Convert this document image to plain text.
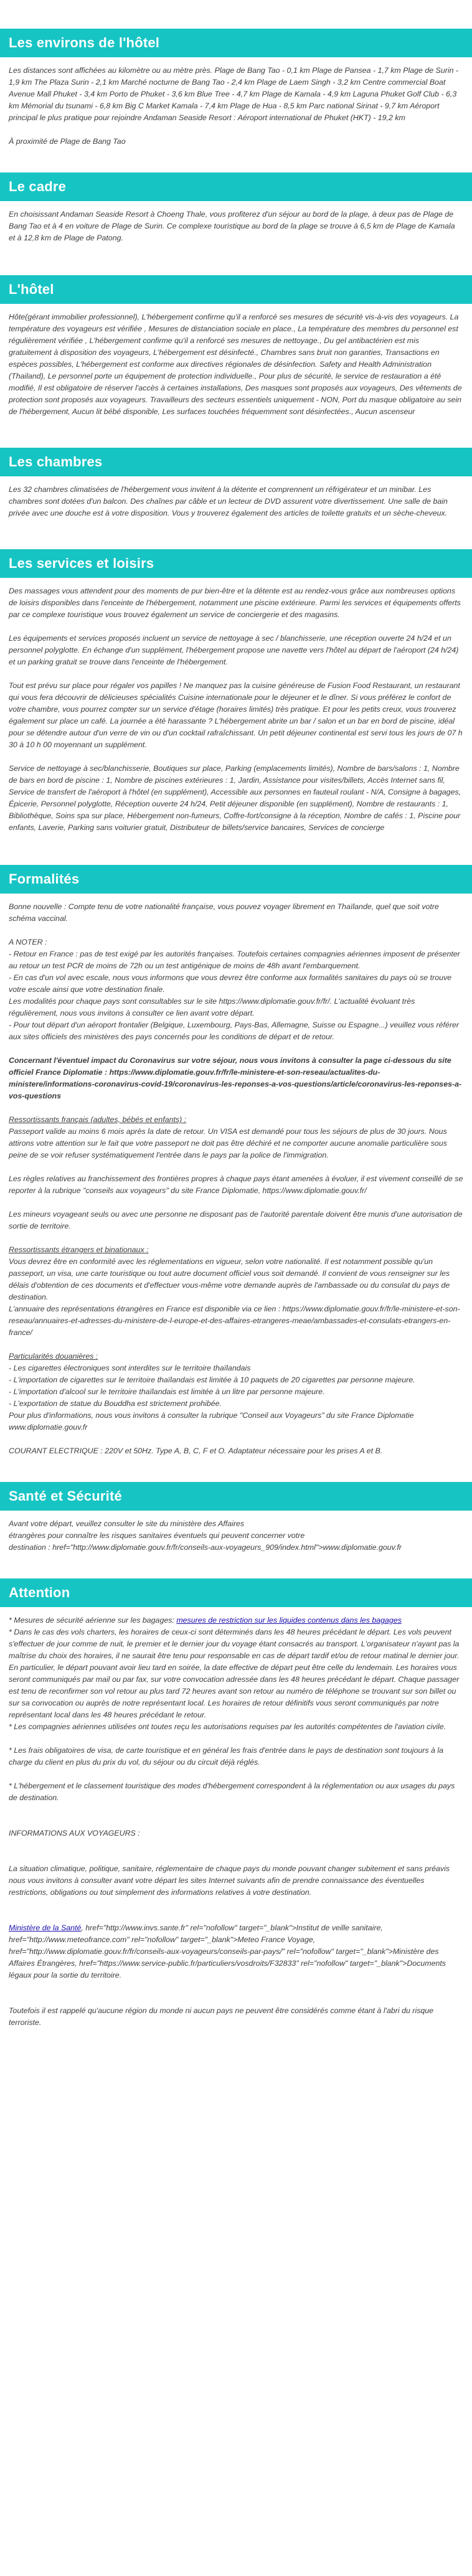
Les environs de l'hôtel

Les distances sont affichées au kilomètre ou au mètre près. Plage de Bang Tao - 0,1 km Plage de Pansea - 1,7 km Plage de Surin - 1,9 km The Plaza Surin - 2,1 km Marché nocturne de Bang Tao - 2,4 km Plage de Laem Singh - 3,2 km Centre commercial Boat Avenue Mall Phuket - 3,4 km Porto de Phuket - 3,6 km Blue Tree - 4,7 km Plage de Kamala - 4,9 km Laguna Phuket Golf Club - 6,3 km Mémorial du tsunami - 6,8 km Big C Market Kamala - 7,4 km Plage de Hua - 8,5 km Parc national Sirinat - 9,7 km Aéroport principal le plus pratique pour rejoindre Andaman Seaside Resort : Aéroport international de Phuket (HKT) - 19,2 km

À proximité de Plage de Bang Tao

Le cadre

En choisissant Andaman Seaside Resort à Choeng Thale, vous profiterez d'un séjour au bord de la plage, à deux pas de Plage de Bang Tao et à 4 en voiture de Plage de Surin. Ce complexe touristique au bord de la plage se trouve à 6,5 km de Plage de Kamala et à 12,8 km de Plage de Patong.

L'hôtel

Hôte(gérant immobilier professionnel), L'hébergement confirme qu'il a renforcé ses mesures de sécurité vis-à-vis des voyageurs. La température des voyageurs est vérifiée , Mesures de distanciation sociale en place., La température des membres du personnel est régulièrement vérifiée , L'hébergement confirme qu'il a renforcé ses mesures de nettoyage., Du gel antibactérien est mis gratuitement à disposition des voyageurs, L'hébergement est désinfecté., Chambres sans bruit non garanties, Transactions en espèces possibles, L'hébergement est conforme aux directives régionales de désinfection. Safety and Health Administration (Thailand), Le personnel porte un équipement de protection individuelle., Pour plus de sécurité, le service de restauration a été modifié, Il est obligatoire de réserver l'accès à certaines installations, Des masques sont proposés aux voyageurs, Des vêtements de protection sont proposés aux voyageurs. Travailleurs des secteurs essentiels uniquement - NON, Port du masque obligatoire au sein de l'hébergement, Aucun lit bébé disponible, Les surfaces touchées fréquemment sont désinfectées., Aucun ascenseur

Les chambres

Les 32 chambres climatisées de l'hébergement vous invitent à la détente et comprennent un réfrigérateur et un minibar. Les chambres sont dotées d'un balcon. Des chaînes par câble et un lecteur de DVD assurent votre divertissement. Une salle de bain privée avec une douche est à votre disposition. Vous y trouverez également des articles de toilette gratuits et un sèche-cheveux.

Les services et loisirs

Des massages vous attendent pour des moments de pur bien-être et la détente est au rendez-vous grâce aux nombreuses options de loisirs disponibles dans l'enceinte de l'hébergement, notamment une piscine extérieure. Parmi les services et équipements offerts par ce complexe touristique vous trouvez également un service de conciergerie et des magasins.

Les équipements et services proposés incluent un service de nettoyage à sec / blanchisserie, une réception ouverte 24 h/24 et un personnel polyglotte. En échange d'un supplément, l'hébergement propose une navette vers l'hôtel au départ de l'aéroport (24 h/24) et un parking gratuit se trouve dans l'enceinte de l'hébergement.

Tout est prévu sur place pour régaler vos papilles ! Ne manquez pas la cuisine généreuse de Fusion Food Restaurant, un restaurant qui vous fera découvrir de délicieuses spécialités Cuisine internationale pour le déjeuner et le dîner. Si vous préférez le confort de votre chambre, vous pourrez compter sur un service d'étage (horaires limités) très pratique. Et pour les petits creux, vous trouverez également sur place un café. La journée a été harassante ? L'hébergement abrite un bar / salon et un bar en bord de piscine, idéal pour se détendre autour d'un verre de vin ou d'un cocktail rafraîchissant. Un petit déjeuner continental est servi tous les jours de 07 h 30 à 10 h 00 moyennant un supplément.

Service de nettoyage à sec/blanchisserie, Boutiques sur place, Parking (emplacements limités), Nombre de bars/salons : 1, Nombre de bars en bord de piscine : 1, Nombre de piscines extérieures : 1, Jardin, Assistance pour visites/billets, Accès Internet sans fil, Service de transfert de l'aéroport à l'hôtel (en supplément), Accessible aux personnes en fauteuil roulant - N/A, Consigne à bagages, Épicerie, Personnel polyglotte, Réception ouverte 24 h/24, Petit déjeuner disponible (en supplément), Nombre de restaurants : 1, Bibliothèque, Soins spa sur place, Hébergement non-fumeurs, Coffre-fort/consigne à la réception, Nombre de cafés : 1, Piscine pour enfants, Laverie, Parking sans voiturier gratuit, Distributeur de billets/service bancaires, Services de concierge

Formalités

Bonne nouvelle : Compte tenu de votre nationalité française, vous pouvez voyager librement en Thaïlande, quel que soit votre schéma vaccinal.

A NOTER :

- Retour en France : pas de test exigé par les autorités françaises. Toutefois certaines compagnies aériennes imposent de présenter au retour un test PCR de moins de 72h ou un test antigénique de moins de 48h avant l'embarquement.

- En cas d'un vol avec escale, nous vous informons que vous devrez être conforme aux formalités sanitaires du pays où se trouve votre escale ainsi que votre destination finale.

Les modalités pour chaque pays sont consultables sur le site https://www.diplomatie.gouv.fr/fr/. L'actualité évoluant très régulièrement, nous vous invitons à consulter ce lien avant votre départ.

- Pour tout départ d'un aéroport frontalier (Belgique, Luxembourg, Pays-Bas, Allemagne, Suisse ou Espagne...) veuillez vous référer aux sites officiels des ministères des pays concernés pour les conditions de départ et de retour.

Concernant l'éventuel impact du Coronavirus sur votre séjour, nous vous invitons à consulter la page ci-dessous du site officiel France Diplomatie : https://www.diplomatie.gouv.fr/fr/le-ministere-et-son-reseau/actualites-du-ministere/informations-coronavirus-covid-19/coronavirus-les-reponses-a-vos-questions/article/coronavirus-les-reponses-a-vos-questions

Ressortissants français (adultes, bébés et enfants) :

Passeport valide au moins 6 mois après la date de retour. Un VISA est demandé pour tous les séjours de plus de 30 jours. Nous attirons votre attention sur le fait que votre passeport ne doit pas être déchiré et ne comporter aucune anomalie particulière sous peine de se voir refuser systématiquement l'entrée dans le pays par la police de l'immigration.

Les règles relatives au franchissement des frontières propres à chaque pays étant amenées à évoluer, il est vivement conseillé de se reporter à la rubrique "conseils aux voyageurs" du site France Diplomatie, https://www.diplomatie.gouv.fr/

Les mineurs voyageant seuls ou avec une personne ne disposant pas de l'autorité parentale doivent être munis d'une autorisation de sortie de territoire.

Ressortissants étrangers et binationaux :

Vous devrez être en conformité avec les réglementations en vigueur, selon votre nationalité. Il est notamment possible qu'un passeport, un visa, une carte touristique ou tout autre document officiel vous soit demandé. Il convient de vous renseigner sur les délais d'obtention de ces documents et d'effectuer vous-même votre demande auprès de l'ambassade ou du consulat du pays de destination.

L'annuaire des représentations étrangères en France est disponible via ce lien : https://www.diplomatie.gouv.fr/fr/le-ministere-et-son-reseau/annuaires-et-adresses-du-ministere-de-l-europe-et-des-affaires-etrangeres-meae/ambassades-et-consulats-etrangers-en-france/

Particularités douanières :

- Les cigarettes électroniques sont interdites sur le territoire thaïlandais

- L'importation de cigarettes sur le territoire thaïlandais est limitée à 10 paquets de 20 cigarettes par personne majeure.

- L'importation d'alcool sur le territoire thaïlandais est limitée à un litre par personne majeure.

- L'exportation de statue du Bouddha est strictement prohibée.

Pour plus d'informations, nous vous invitons à consulter la rubrique "Conseil aux Voyageurs" du site France Diplomatie www.diplomatie.gouv.fr

COURANT ELECTRIQUE : 220V et 50Hz. Type A, B, C, F et O. Adaptateur nécessaire pour les prises A et B.

Santé et Sécurité

Avant votre départ, veuillez consulter le site du ministère des Affaires

étrangères pour connaître les risques sanitaires éventuels qui peuvent concerner votre

destination : href="http://www.diplomatie.gouv.fr/fr/conseils-aux-voyageurs_909/index.html">www.diplomatie.gouv.fr

Attention

* Mesures de sécurité aérienne sur les bagages: mesures de restriction sur les liquides contenus dans les bagages

* Dans le cas des vols charters, les horaires de ceux-ci sont déterminés dans les 48 heures précédant le départ. Les vols peuvent s'effectuer de jour comme de nuit, le premier et le dernier jour du voyage étant consacrés au transport. L'organisateur n'ayant pas la maîtrise du choix des horaires, il ne saurait être tenu pour responsable en cas de départ tardif et/ou de retour matinal le dernier jour. En particulier, le départ pouvant avoir lieu tard en soirée, la date effective de départ peut être celle du lendemain. Les horaires vous seront communiqués par mail ou par fax, sur votre convocation adressée dans les 48 heures précédant le départ. Chaque passager est tenu de reconfirmer son vol retour au plus tard 72 heures avant son retour au numéro de téléphone se trouvant sur son billet ou sur sa convocation ou auprès de notre représentant local. Les horaires de retour définitifs vous seront communiqués par notre représentant local dans les 48 heures précédant le retour.

* Les compagnies aériennes utilisées ont toutes reçu les autorisations requises par les autorités compétentes de l'aviation civile.

* Les frais obligatoires de visa, de carte touristique et en général les frais d'entrée dans le pays de destination sont toujours à la charge du client en plus du prix du vol, du séjour ou du circuit déjà réglés.

* L'hébergement et le classement touristique des modes d'hébergement correspondent à la réglementation ou aux usages du pays de destination.

INFORMATIONS AUX VOYAGEURS :

La situation climatique, politique, sanitaire, réglementaire de chaque pays du monde pouvant changer subitement et sans préavis

nous vous invitons à consulter avant votre départ les sites Internet suivants afin de prendre connaissance des éventuelles restrictions, obligations ou tout simplement des informations relatives à votre destination.

Ministère de la Santé, href="http://www.invs.sante.fr" rel="nofollow" target="_blank">Institut de veille sanitaire, href="http://www.meteofrance.com" rel="nofollow" target="_blank">Meteo France Voyage, href="http://www.diplomatie.gouv.fr/fr/conseils-aux-voyageurs/conseils-par-pays/" rel="nofollow" target="_blank">Ministère des Affaires Étrangères, href="https://www.service-public.fr/particuliers/vosdroits/F32833" rel="nofollow" target="_blank">Documents légaux pour la sortie du territoire.

Toutefois il est rappelé qu'aucune région du monde ni aucun pays ne peuvent être considérés comme étant à l'abri du risque terroriste.
